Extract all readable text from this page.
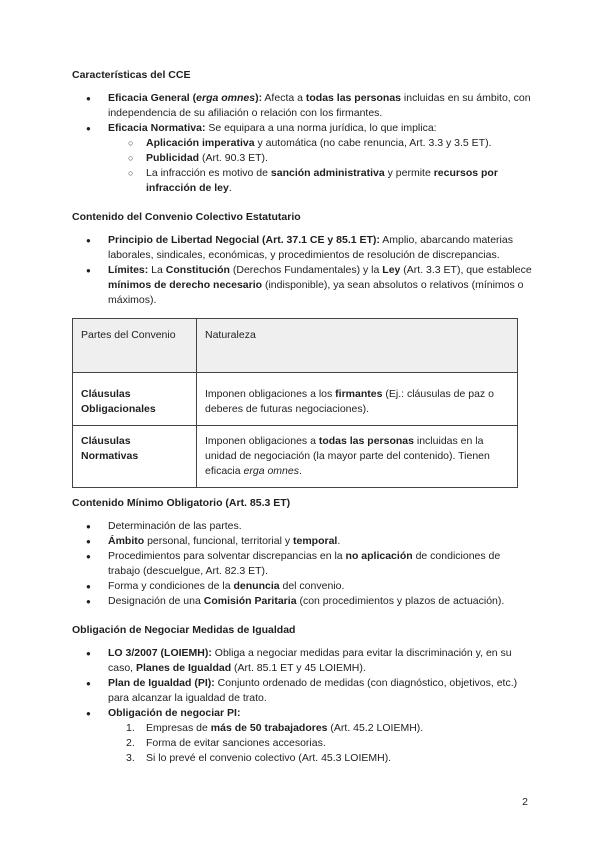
Características del CCE
● Eficacia General (erga omnes): Afecta a todas las personas incluidas en su ámbito, con independencia de su afiliación o relación con los firmantes.
● Eficacia Normativa: Se equipara a una norma jurídica, lo que implica:
○ Aplicación imperativa y automática (no cabe renuncia, Art. 3.3 y 3.5 ET).
○ Publicidad (Art. 90.3 ET).
○ La infracción es motivo de sanción administrativa y permite recursos por infracción de ley.
Contenido del Convenio Colectivo Estatutario
● Principio de Libertad Negocial (Art. 37.1 CE y 85.1 ET): Amplio, abarcando materias laborales, sindicales, económicas, y procedimientos de resolución de discrepancias.
● Límites: La Constitución (Derechos Fundamentales) y la Ley (Art. 3.3 ET), que establece mínimos de derecho necesario (indisponible), ya sean absolutos o relativos (mínimos o máximos).
Partes del Convenio	Naturaleza
Cláusulas Obligacionales	Imponen obligaciones a los firmantes (Ej.: cláusulas de paz o deberes de futuras negociaciones).
Cláusulas Normativas	Imponen obligaciones a todas las personas incluidas en la unidad de negociación (la mayor parte del contenido). Tienen eficacia erga omnes.
Contenido Mínimo Obligatorio (Art. 85.3 ET)
● Determinación de las partes.
● Ámbito personal, funcional, territorial y temporal.
● Procedimientos para solventar discrepancias en la no aplicación de condiciones de trabajo (descuelgue, Art. 82.3 ET).
● Forma y condiciones de la denuncia del convenio.
● Designación de una Comisión Paritaria (con procedimientos y plazos de actuación).
Obligación de Negociar Medidas de Igualdad
● LO 3/2007 (LOIEMH): Obliga a negociar medidas para evitar la discriminación y, en su caso, Planes de Igualdad (Art. 85.1 ET y 45 LOIEMH).
● Plan de Igualdad (PI): Conjunto ordenado de medidas (con diagnóstico, objetivos, etc.) para alcanzar la igualdad de trato.
● Obligación de negociar PI:
1. Empresas de más de 50 trabajadores (Art. 45.2 LOIEMH).
2. Forma de evitar sanciones accesorias.
3. Si lo prevé el convenio colectivo (Art. 45.3 LOIEMH).
2
